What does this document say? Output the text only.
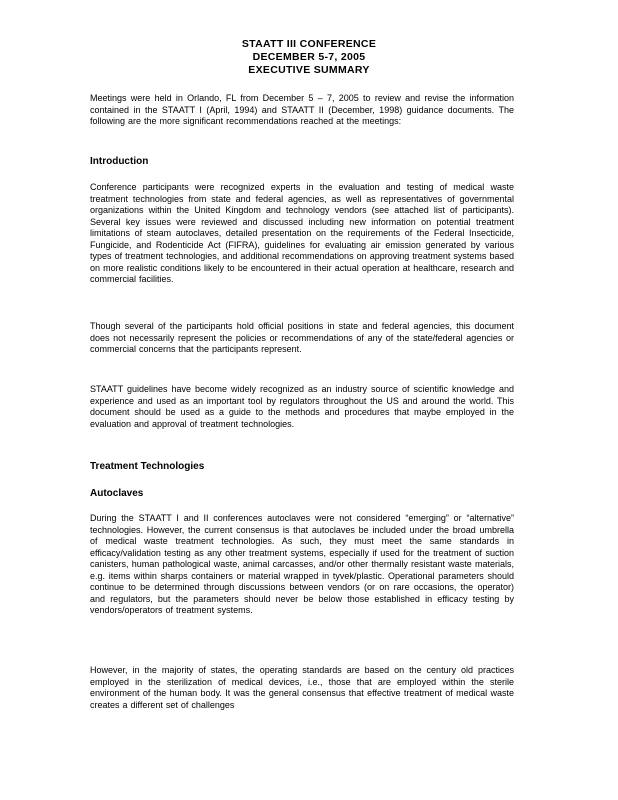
STAATT III CONFERENCE
DECEMBER 5-7, 2005
EXECUTIVE SUMMARY
Meetings were held in Orlando, FL from December 5 – 7, 2005 to review and revise the information contained in the STAATT I (April, 1994) and STAATT II (December, 1998) guidance documents. The following are the more significant recommendations reached at the meetings:
Introduction
Conference participants were recognized experts in the evaluation and testing of medical waste treatment technologies from state and federal agencies, as well as representatives of governmental organizations within the United Kingdom and technology vendors (see attached list of participants). Several key issues were reviewed and discussed including new information on potential treatment limitations of steam autoclaves, detailed presentation on the requirements of the Federal Insecticide, Fungicide, and Rodenticide Act (FIFRA), guidelines for evaluating air emission generated by various types of treatment technologies, and additional recommendations on approving treatment systems based on more realistic conditions likely to be encountered in their actual operation at healthcare, research and commercial facilities.
Though several of the participants hold official positions in state and federal agencies, this document does not necessarily represent the policies or recommendations of any of the state/federal agencies or commercial concerns that the participants represent.
STAATT guidelines have become widely recognized as an industry source of scientific knowledge and experience and used as an important tool by regulators throughout the US and around the world. This document should be used as a guide to the methods and procedures that maybe employed in the evaluation and approval of treatment technologies.
Treatment Technologies
Autoclaves
During the STAATT I and II conferences autoclaves were not considered “emerging” or “alternative” technologies. However, the current consensus is that autoclaves be included under the broad umbrella of medical waste treatment technologies. As such, they must meet the same standards in efficacy/validation testing as any other treatment systems, especially if used for the treatment of suction canisters, human pathological waste, animal carcasses, and/or other thermally resistant waste materials, e.g. items within sharps containers or material wrapped in tyvek/plastic. Operational parameters should continue to be determined through discussions between vendors (or on rare occasions, the operator) and regulators, but the parameters should never be below those established in efficacy testing by vendors/operators of treatment systems.
However, in the majority of states, the operating standards are based on the century old practices employed in the sterilization of medical devices, i.e., those that are employed within the sterile environment of the human body. It was the general consensus that effective treatment of medical waste creates a different set of challenges
